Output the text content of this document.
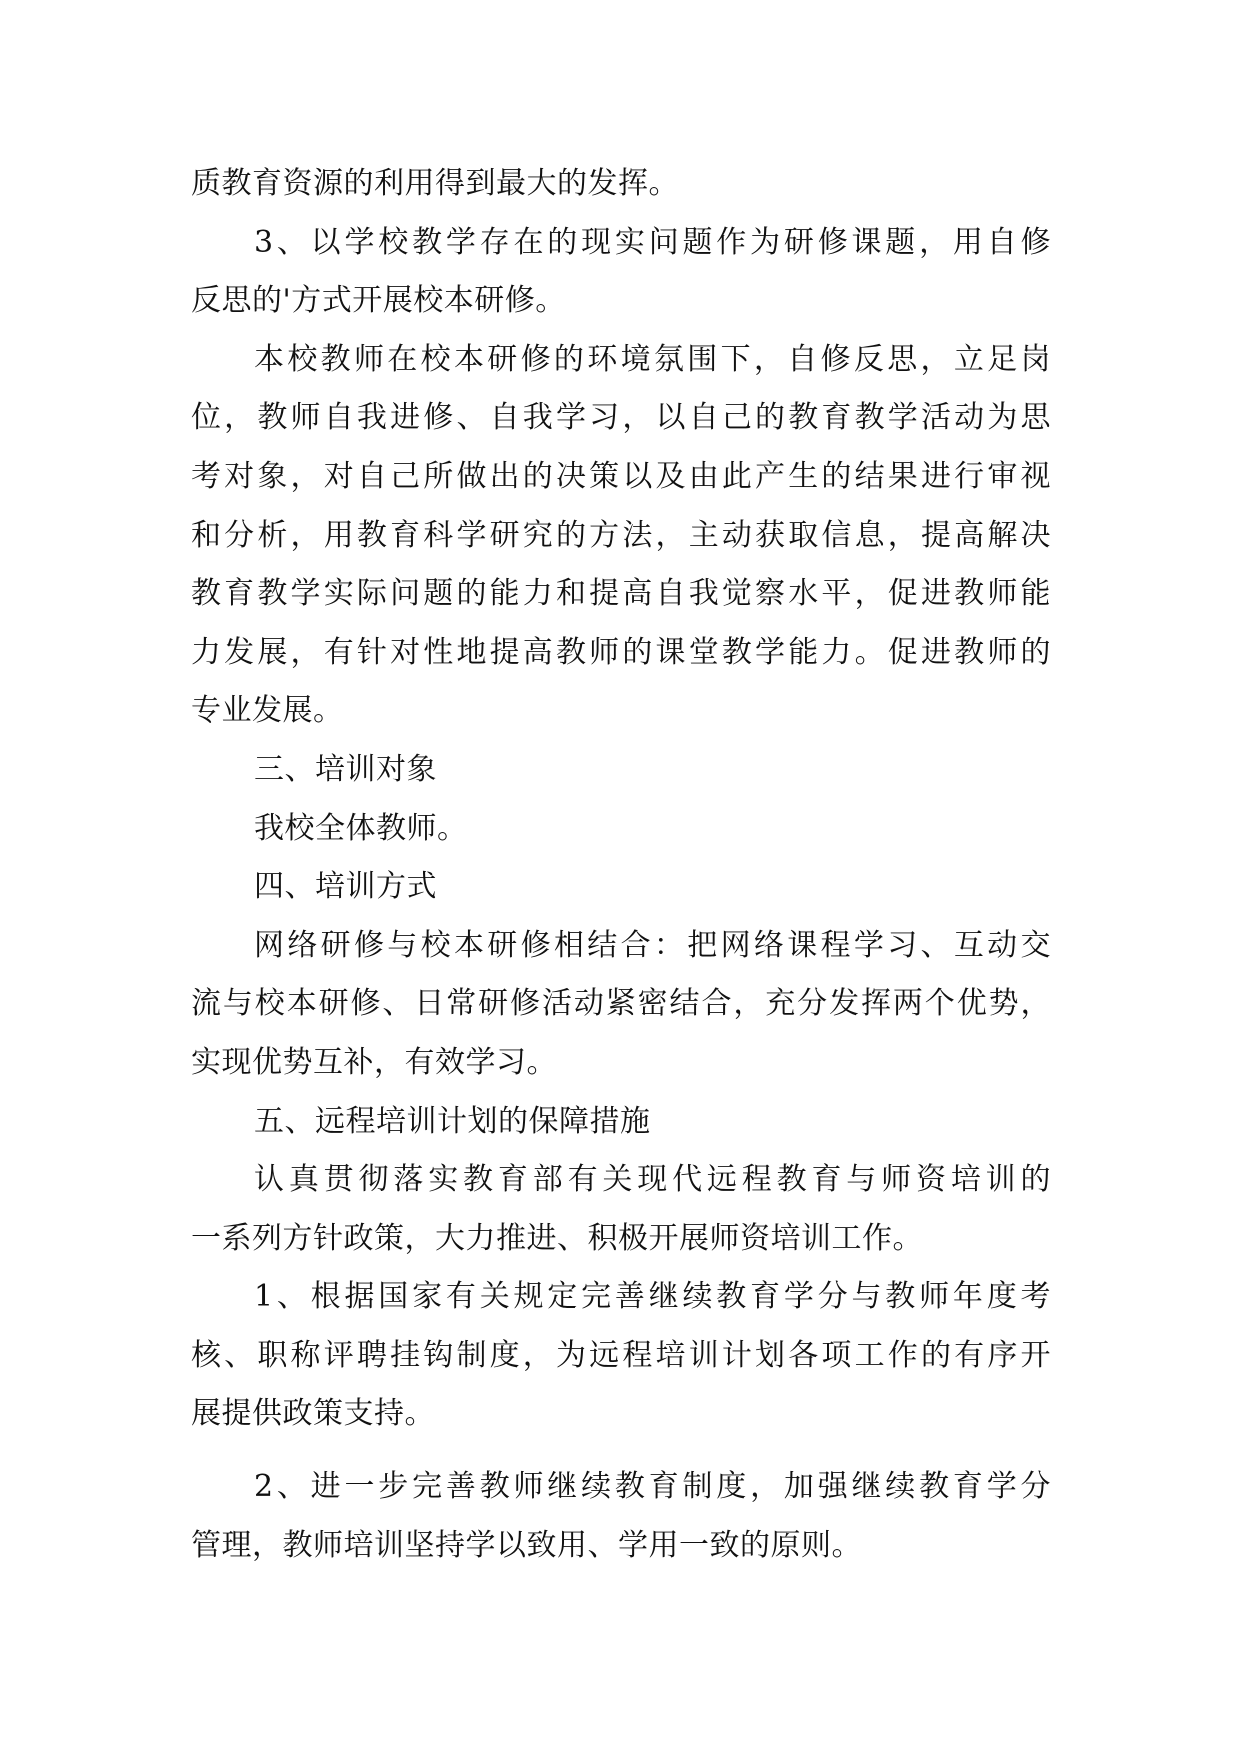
质教育资源的利用得到最大的发挥。
3、以学校教学存在的现实问题作为研修课题，用自修
反思的'方式开展校本研修。
本校教师在校本研修的环境氛围下，自修反思，立足岗
位，教师自我进修、自我学习，以自己的教育教学活动为思
考对象，对自己所做出的决策以及由此产生的结果进行审视
和分析，用教育科学研究的方法，主动获取信息，提高解决
教育教学实际问题的能力和提高自我觉察水平，促进教师能
力发展，有针对性地提高教师的课堂教学能力。促进教师的
专业发展。
三、培训对象
我校全体教师。
四、培训方式
网络研修与校本研修相结合：把网络课程学习、互动交
流与校本研修、日常研修活动紧密结合，充分发挥两个优势，
实现优势互补，有效学习。
五、远程培训计划的保障措施
认真贯彻落实教育部有关现代远程教育与师资培训的
一系列方针政策，大力推进、积极开展师资培训工作。
1、根据国家有关规定完善继续教育学分与教师年度考
核、职称评聘挂钩制度，为远程培训计划各项工作的有序开
展提供政策支持。
2、进一步完善教师继续教育制度，加强继续教育学分
管理，教师培训坚持学以致用、学用一致的原则。
